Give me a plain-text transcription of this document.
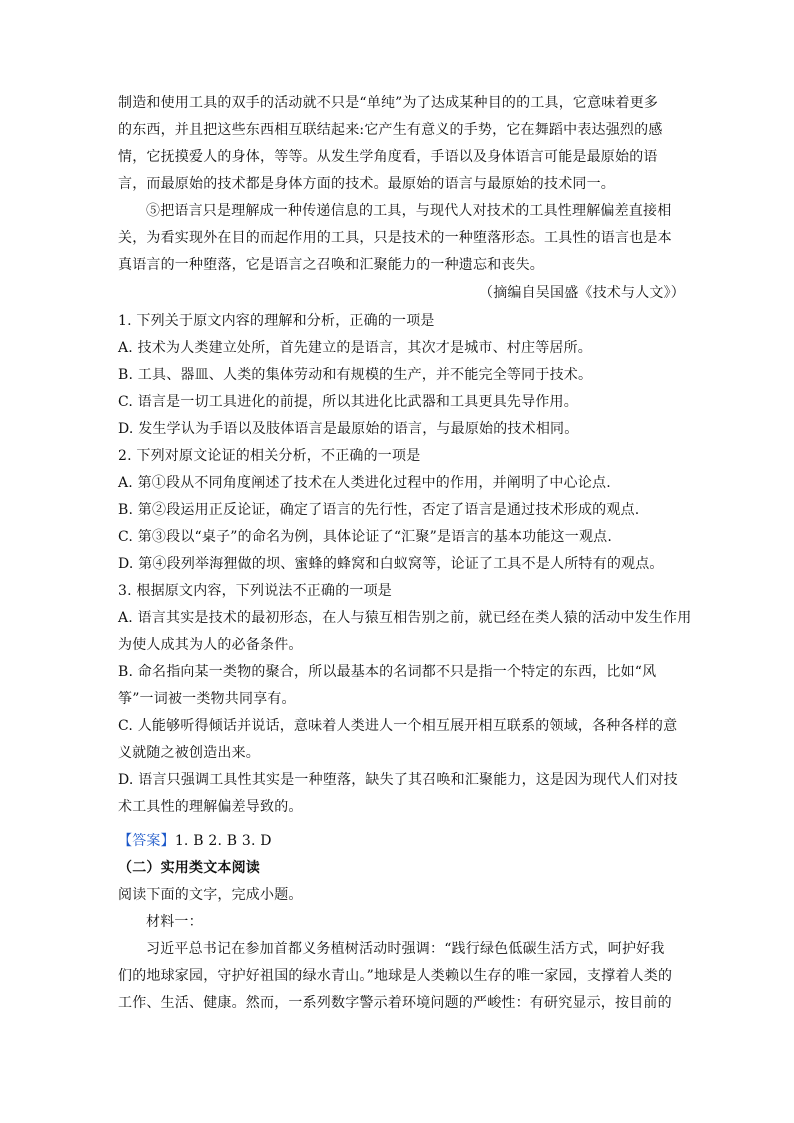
制造和使用工具的双手的活动就不只是“单纯”为了达成某种目的的工具，它意味着更多
的东西，并且把这些东西相互联结起来:它产生有意义的手势，它在舞蹈中表达强烈的感
情，它抚摸爱人的身体，等等。从发生学角度看，手语以及身体语言可能是最原始的语
言，而最原始的技术都是身体方面的技术。最原始的语言与最原始的技术同一。
⑤把语言只是理解成一种传递信息的工具，与现代人对技术的工具性理解偏差直接相
关，为看实现外在目的而起作用的工具，只是技术的一种堕落形态。工具性的语言也是本
真语言的一种堕落，它是语言之召唤和汇聚能力的一种遗忘和丧失。
（摘编自吴国盛《技术与人文》）
1. 下列关于原文内容的理解和分析，正确的一项是
A. 技术为人类建立处所，首先建立的是语言，其次才是城市、村庄等居所。
B. 工具、器皿、人类的集体劳动和有规模的生产，并不能完全等同于技术。
C. 语言是一切工具进化的前提，所以其进化比武器和工具更具先导作用。
D. 发生学认为手语以及肢体语言是最原始的语言，与最原始的技术相同。
2. 下列对原文论证的相关分析，不正确的一项是
A. 第①段从不同角度阐述了技术在人类进化过程中的作用，并阐明了中心论点.
B. 第②段运用正反论证，确定了语言的先行性，否定了语言是通过技术形成的观点.
C. 第③段以“桌子”的命名为例，具体论证了“汇聚”是语言的基本功能这一观点.
D. 第④段列举海狸做的坝、蜜蜂的蜂窝和白蚁窝等，论证了工具不是人所特有的观点。
3. 根据原文内容，下列说法不正确的一项是
A. 语言其实是技术的最初形态，在人与猿互相告别之前，就已经在类人猿的活动中发生作用
为使人成其为人的必备条件。
B. 命名指向某一类物的聚合，所以最基本的名词都不只是指一个特定的东西，比如“风
筝”一词被一类物共同享有。
C. 人能够听得倾话并说话，意味着人类进人一个相互展开相互联系的领域，各种各样的意
义就随之被创造出来。
D. 语言只强调工具性其实是一种堕落，缺失了其召唤和汇聚能力，这是因为现代人们对技
术工具性的理解偏差导致的。
【答案】1. B 2. B 3. D
（二）实用类文本阅读
阅读下面的文字，完成小题。
材料一：
习近平总书记在参加首都义务植树活动时强调：“践行绿色低碳生活方式，呵护好我
们的地球家园，守护好祖国的绿水青山。”地球是人类赖以生存的唯一家园，支撑着人类的
工作、生活、健康。然而，一系列数字警示着环境问题的严峻性：有研究显示，按目前的
